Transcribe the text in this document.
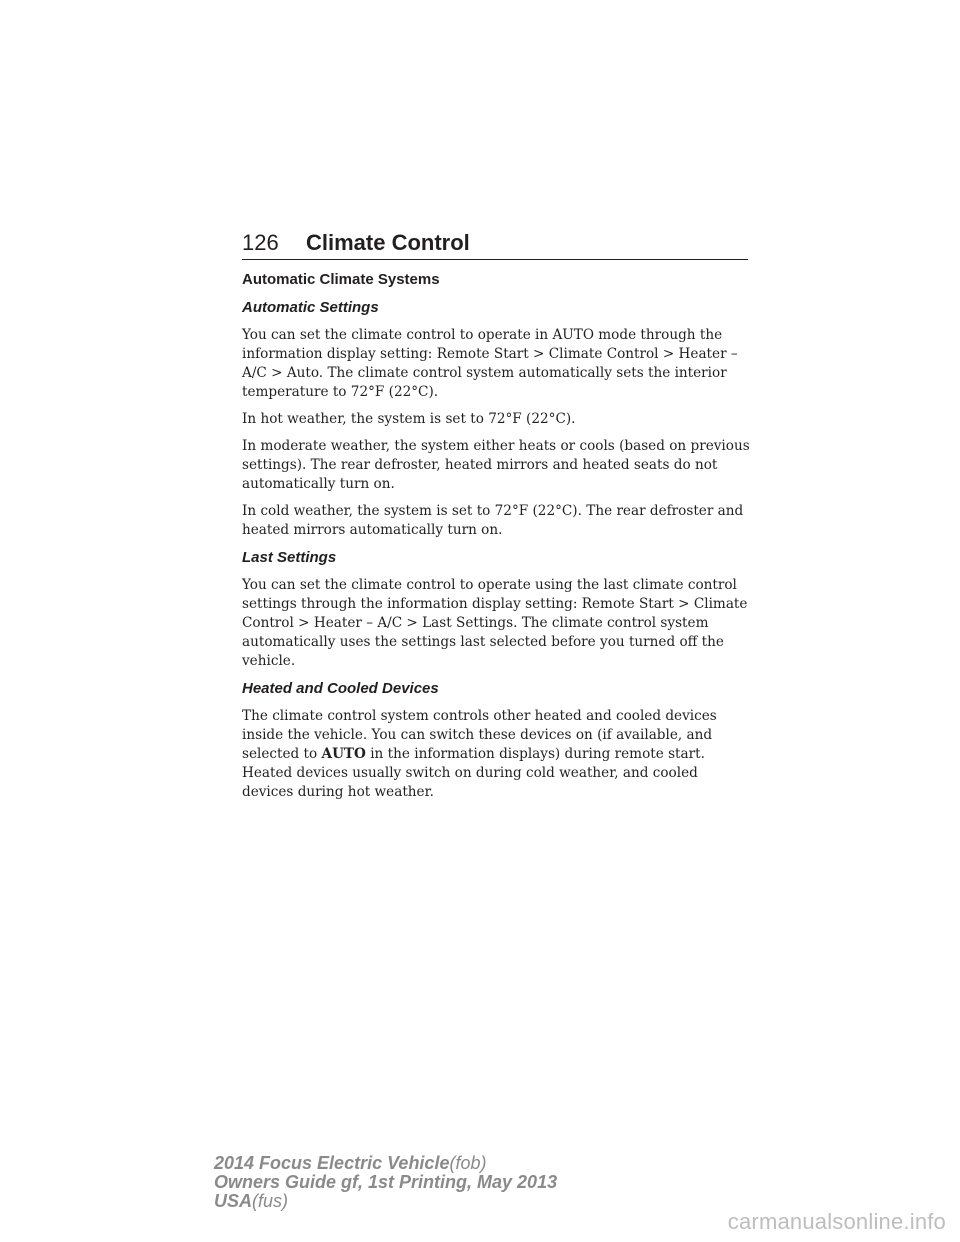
126 Climate Control
Automatic Climate Systems
Automatic Settings

You can set the climate control to operate in AUTO mode through the information display setting: Remote Start > Climate Control > Heater – A/C > Auto. The climate control system automatically sets the interior temperature to 72°F (22°C).

In hot weather, the system is set to 72°F (22°C).

In moderate weather, the system either heats or cools (based on previous settings). The rear defroster, heated mirrors and heated seats do not automatically turn on.

In cold weather, the system is set to 72°F (22°C). The rear defroster and heated mirrors automatically turn on.

Last Settings

You can set the climate control to operate using the last climate control settings through the information display setting: Remote Start > Climate Control > Heater – A/C > Last Settings. The climate control system automatically uses the settings last selected before you turned off the vehicle.

Heated and Cooled Devices

The climate control system controls other heated and cooled devices inside the vehicle. You can switch these devices on (if available, and selected to AUTO in the information displays) during remote start. Heated devices usually switch on during cold weather, and cooled devices during hot weather.

2014 Focus Electric Vehicle(fob)
Owners Guide gf, 1st Printing, May 2013
USA(fus)
carmanualsonline.info
